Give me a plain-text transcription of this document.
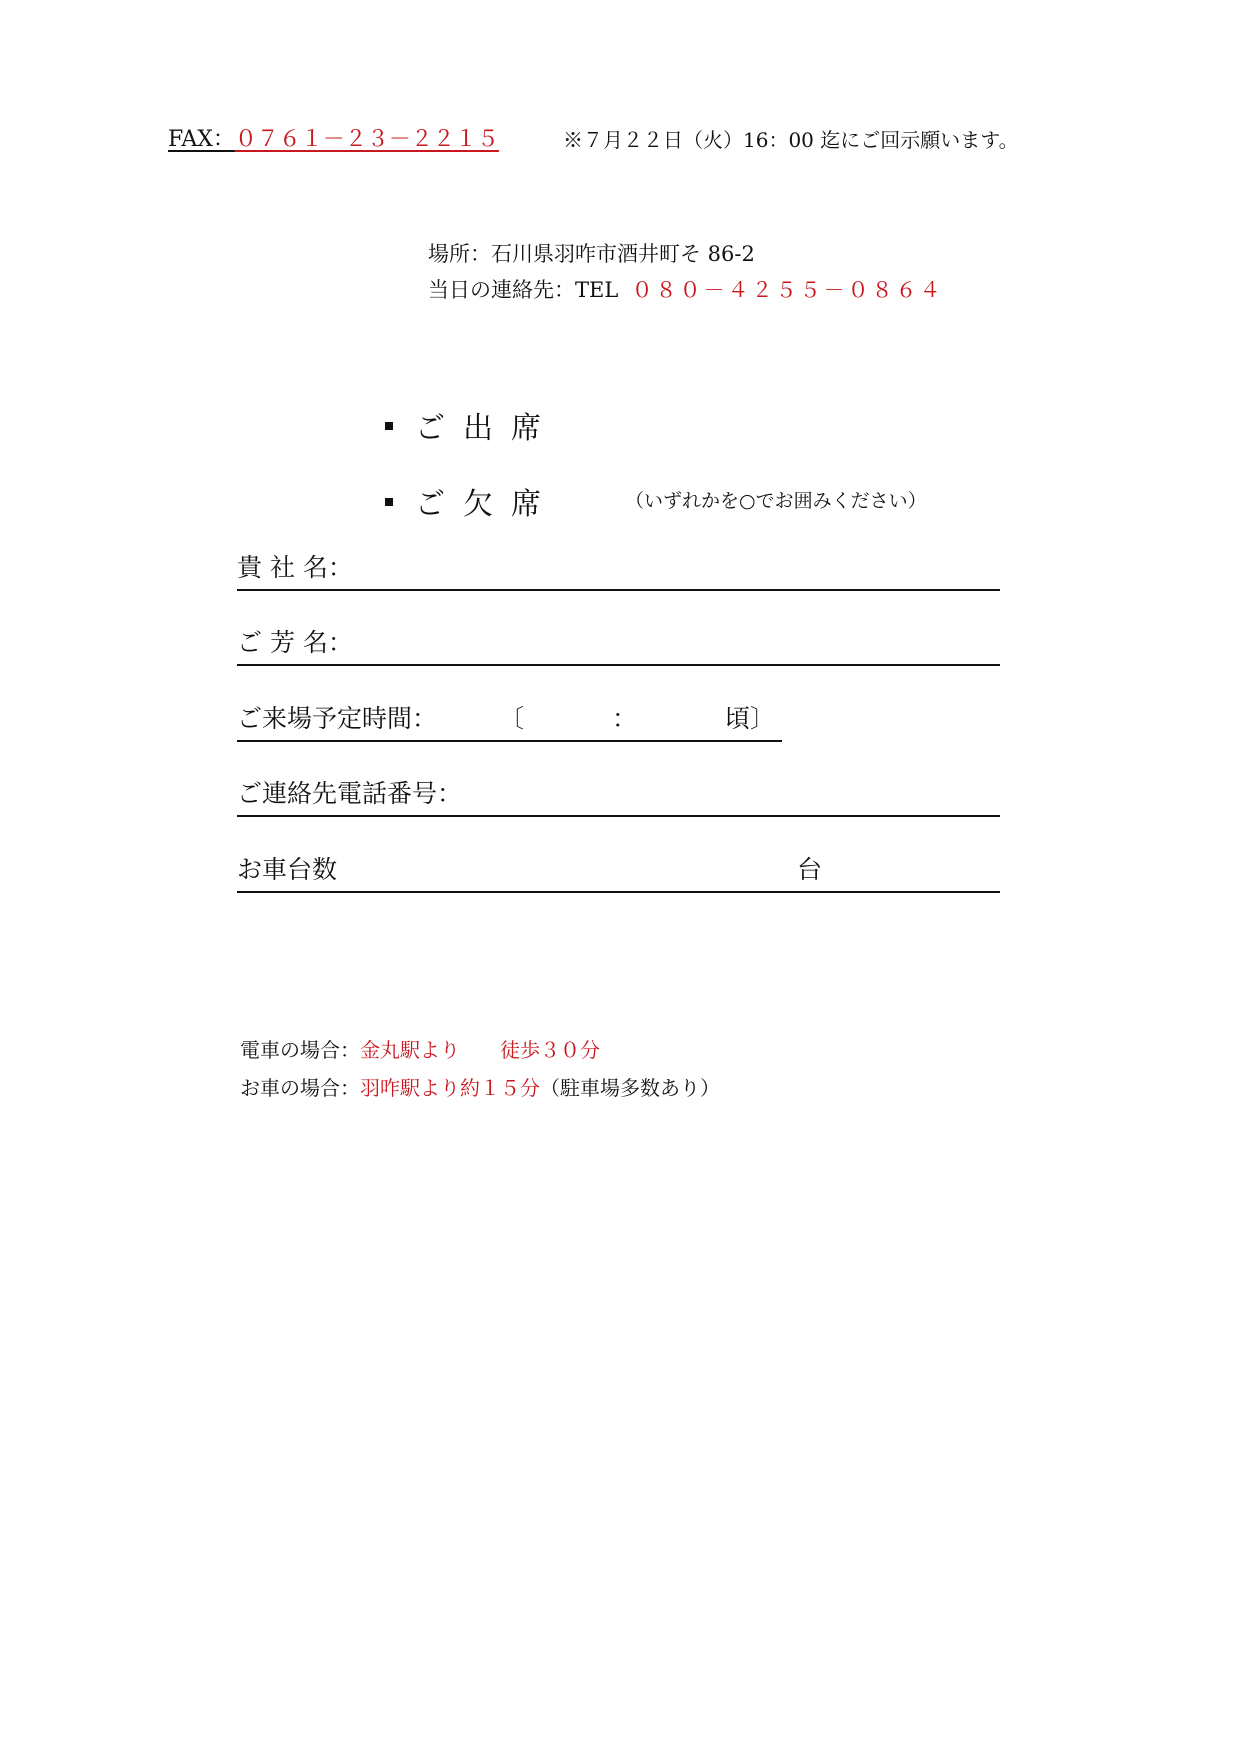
FAX：０７６１－２３－２２１５	※７月２２日（火）16：00 迄にご回示願います。
場所：石川県羽咋市酒井町そ 86-2
当日の連絡先：TEL ０８０－４２５５－０８６４
ご出席
ご欠席	（いずれかを○でお囲みください）
貴 社 名：
ご 芳 名：
ご来場予定時間： 〔	：	頃〕
ご連絡先電話番号：
お車台数	台
電車の場合：金丸駅より　　徒歩３０分
お車の場合：羽咋駅より約１５分（駐車場多数あり）
